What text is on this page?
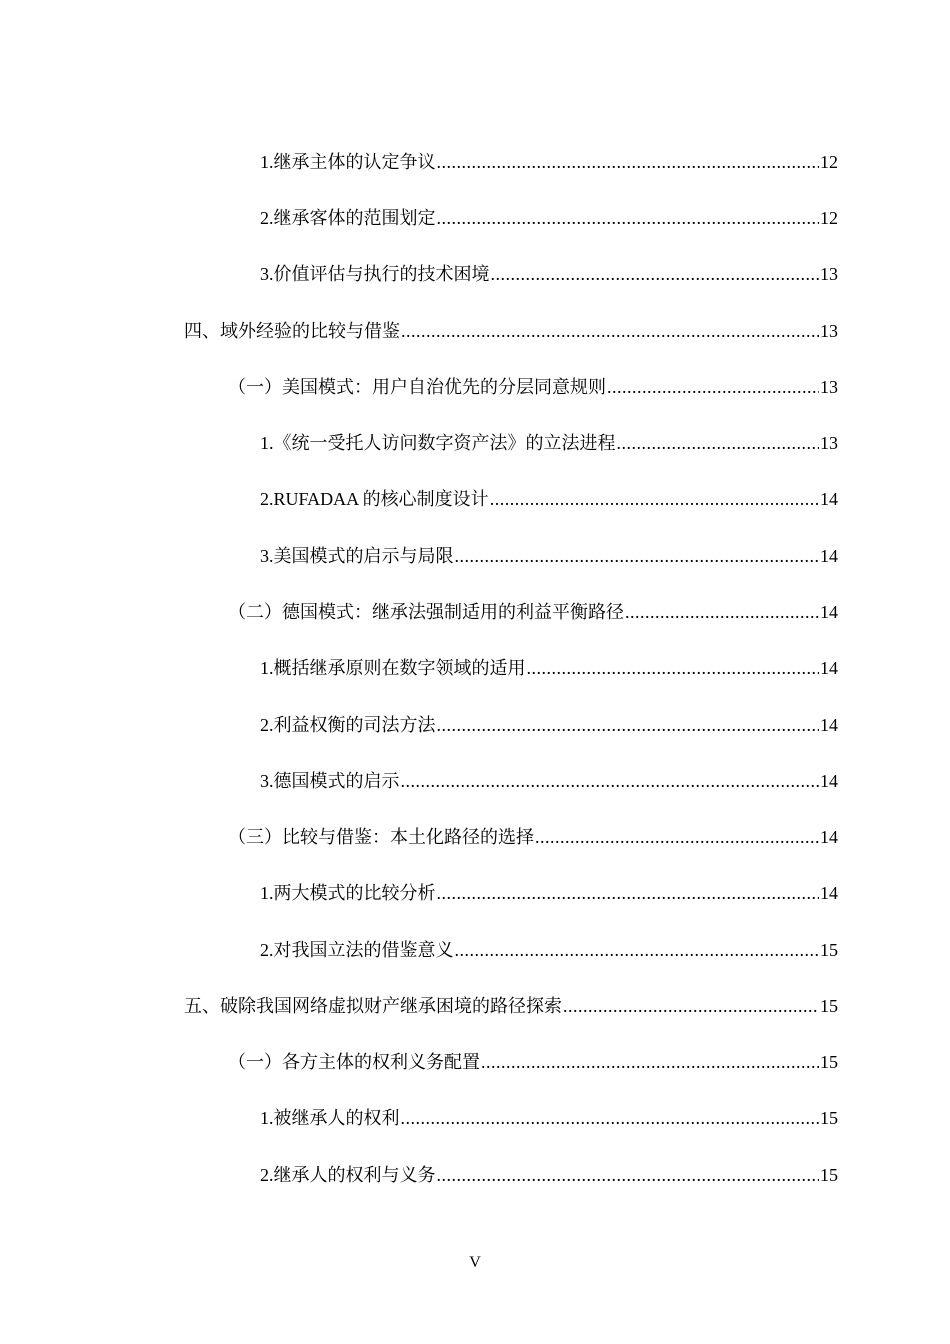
1.继承主体的认定争议 .....	12
2.继承客体的范围划定 .....	12
3.价值评估与执行的技术困境 .....	13
四、域外经验的比较与借鉴 .....	13
（一）美国模式：用户自治优先的分层同意规则 .....	13
1.《统一受托人访问数字资产法》的立法进程 .....	13
2.RUFADAA 的核心制度设计 .....	14
3.美国模式的启示与局限 .....	14
（二）德国模式：继承法强制适用的利益平衡路径 .....	14
1.概括继承原则在数字领域的适用 .....	14
2.利益权衡的司法方法 .....	14
3.德国模式的启示 .....	14
（三）比较与借鉴：本土化路径的选择 .....	14
1.两大模式的比较分析 .....	14
2.对我国立法的借鉴意义 .....	15
五、破除我国网络虚拟财产继承困境的路径探索 .....	15
（一）各方主体的权利义务配置 .....	15
1.被继承人的权利 .....	15
2.继承人的权利与义务 .....	15
V
